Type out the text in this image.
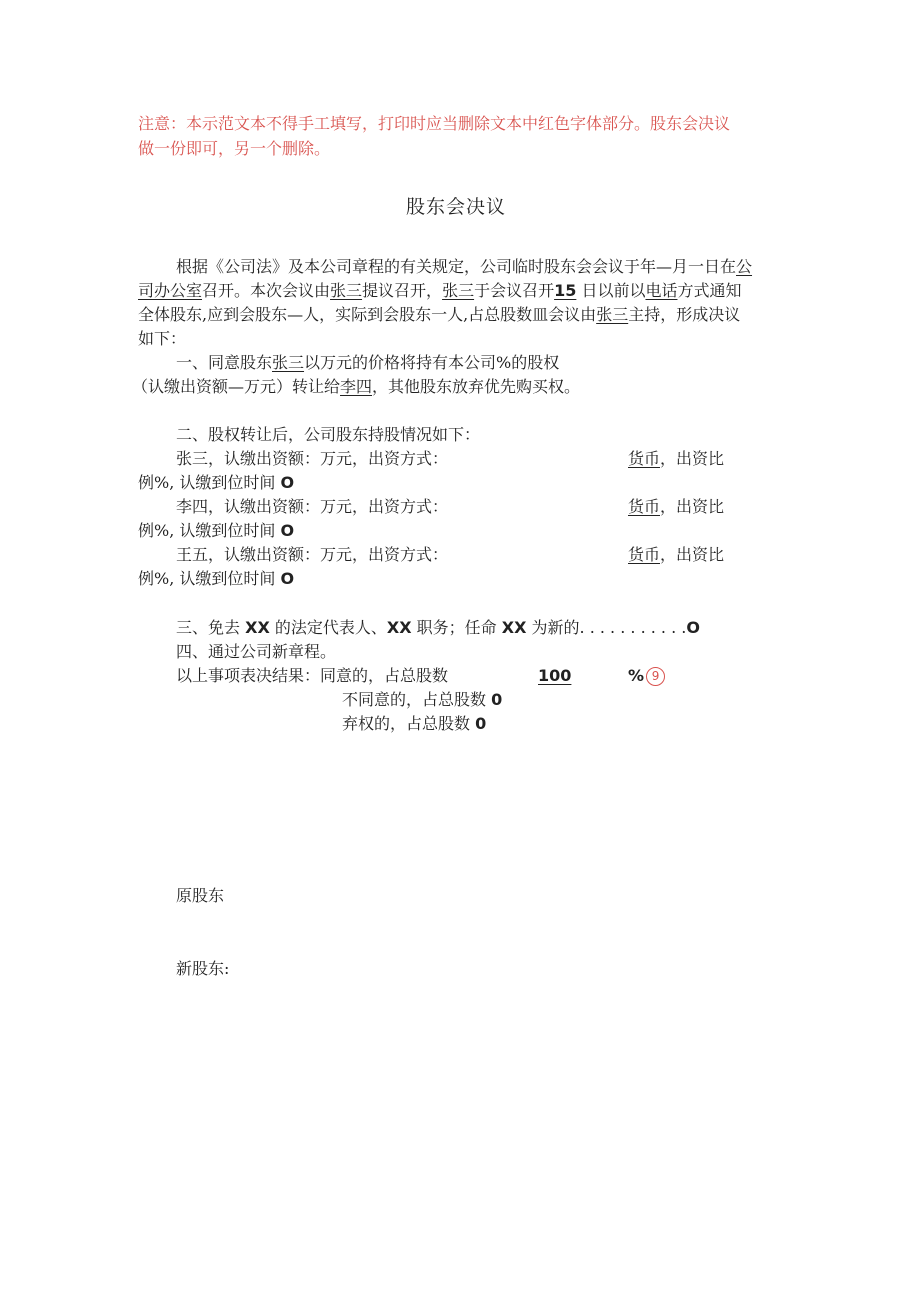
注意：本示范文本不得手工填写，打印时应当删除文本中红色字体部分。股东会决议
做一份即可，另一个删除。
股东会决议
根据《公司法》及本公司章程的有关规定，公司临时股东会会议于年—月一日在公
司办公室召开。本次会议由张三提议召开，张三于会议召开15 日以前以电话方式通知
全体股东,应到会股东—人，实际到会股东一人,占总股数皿会议由张三主持，形成决议
如下：
一、同意股东张三以万元的价格将持有本公司%的股权
（认缴出资额—万元）转让给李四，其他股东放弃优先购买权。
二、股权转让后，公司股东持股情况如下：
张三，认缴出资额：万元，出资方式：	货币，出资比
例%, 认缴到位时间 O
李四，认缴出资额：万元，出资方式：	货币，出资比
例%, 认缴到位时间 O
王五，认缴出资额：万元，出资方式：	货币，出资比
例%, 认缴到位时间 O
三、免去 XX 的法定代表人、XX 职务；任命 XX 为新的. . . . . . . . . . .O
四、通过公司新章程。
以上事项表决结果：同意的，占总股数	100	% 9
不同意的，占总股数 0
弃权的，占总股数 0
原股东
新股东:
